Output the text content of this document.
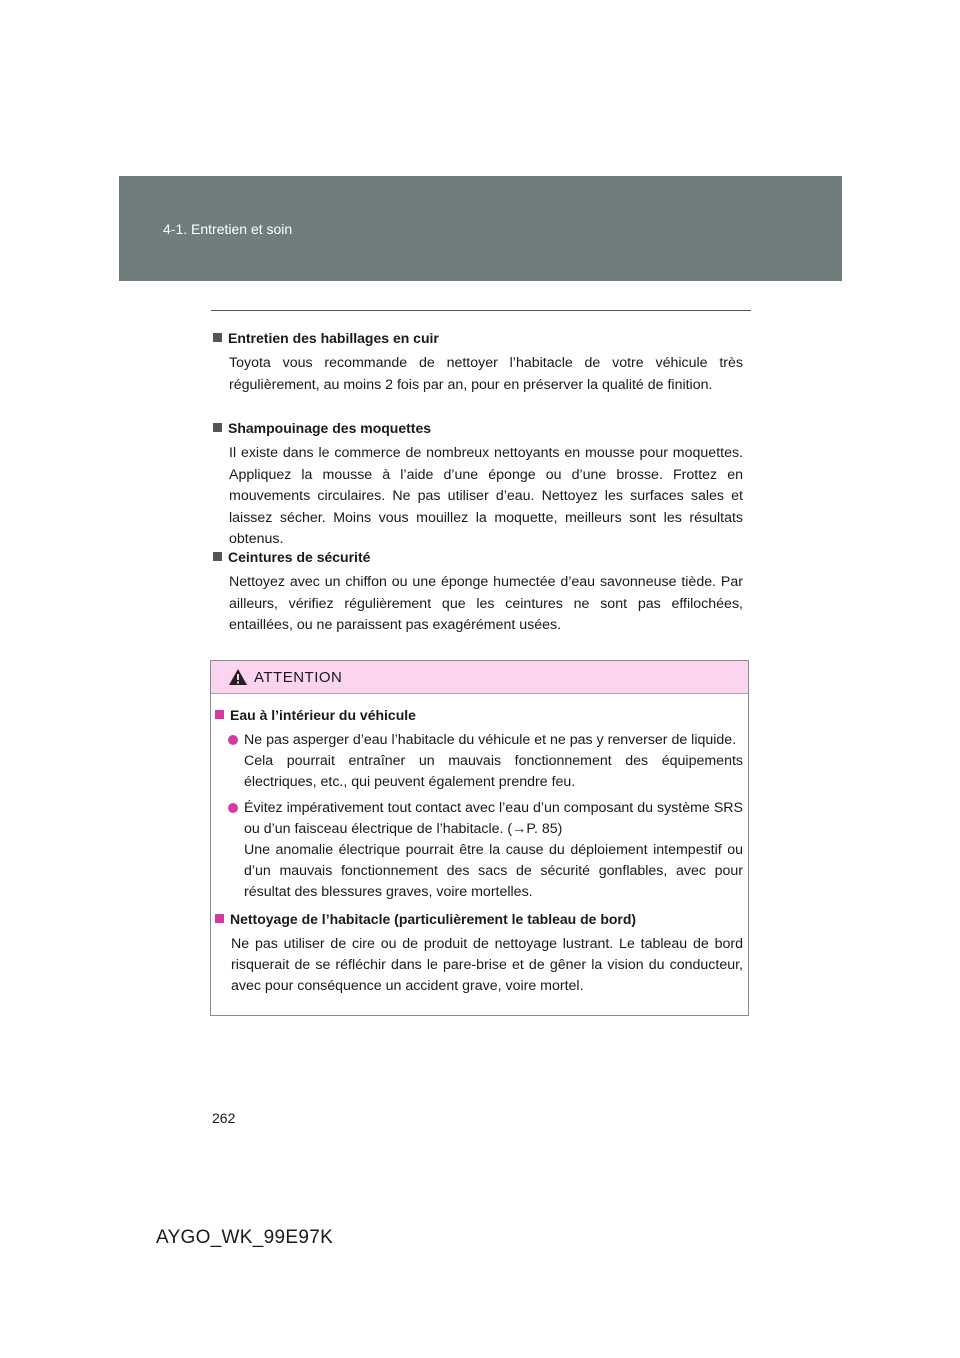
4-1. Entretien et soin

Entretien des habillages en cuir

Toyota vous recommande de nettoyer l’habitacle de votre véhicule très régulièrement, au moins 2 fois par an, pour en préserver la qualité de finition.

Shampouinage des moquettes

Il existe dans le commerce de nombreux nettoyants en mousse pour moquettes. Appliquez la mousse à l’aide d’une éponge ou d’une brosse. Frottez en mouvements circulaires. Ne pas utiliser d’eau. Nettoyez les surfaces sales et laissez sécher. Moins vous mouillez la moquette, meilleurs sont les résultats obtenus.

Ceintures de sécurité

Nettoyez avec un chiffon ou une éponge humectée d’eau savonneuse tiède. Par ailleurs, vérifiez régulièrement que les ceintures ne sont pas effilochées, entaillées, ou ne paraissent pas exagérément usées.
ATTENTION

Eau à l’intérieur du véhicule

Ne pas asperger d’eau l’habitacle du véhicule et ne pas y renverser de liquide.
Cela pourrait entraîner un mauvais fonctionnement des équipements électriques, etc., qui peuvent également prendre feu.
Évitez impérativement tout contact avec l’eau d’un composant du système SRS ou d’un faisceau électrique de l’habitacle. (→P. 85)
Une anomalie électrique pourrait être la cause du déploiement intempestif ou d’un mauvais fonctionnement des sacs de sécurité gonflables, avec pour résultat des blessures graves, voire mortelles.

Nettoyage de l’habitacle (particulièrement le tableau de bord)

Ne pas utiliser de cire ou de produit de nettoyage lustrant. Le tableau de bord risquerait de se réfléchir dans le pare-brise et de gêner la vision du conducteur, avec pour conséquence un accident grave, voire mortel.
262
AYGO_WK_99E97K
